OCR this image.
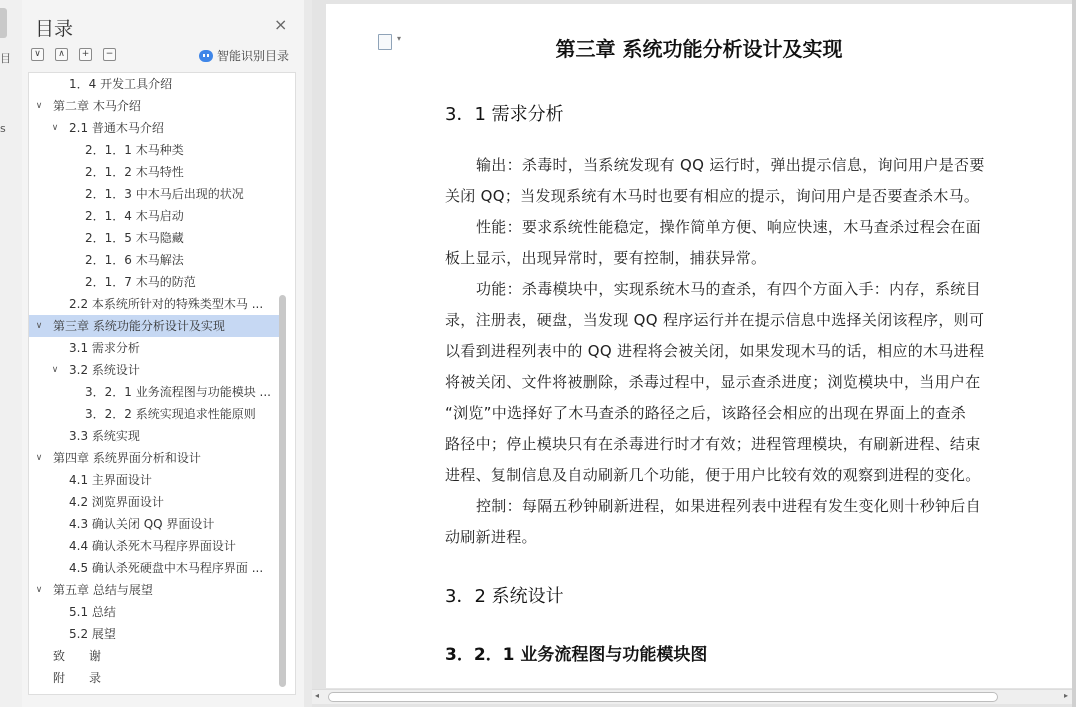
目
s
目录	×
∨	∧	+	−	智能识别目录
1．4 开发工具介绍
∨ 第二章 木马介绍
∨ 2.1 普通木马介绍
2．1．1 木马种类
2．1．2 木马特性
2．1．3 中木马后出现的状况
2．1．4 木马启动
2．1．5 木马隐藏
2．1．6 木马解法
2．1．7 木马的防范
2.2 本系统所针对的特殊类型木马 ...
∨ 第三章 系统功能分析设计及实现
3.1 需求分析
∨ 3.2 系统设计
3．2．1 业务流程图与功能模块 ...
3．2．2 系统实现追求性能原则
3.3 系统实现
∨ 第四章 系统界面分析和设计
4.1 主界面设计
4.2 浏览界面设计
4.3 确认关闭 QQ 界面设计
4.4 确认杀死木马程序界面设计
4.5 确认杀死硬盘中木马程序界面 ...
∨ 第五章 总结与展望
5.1 总结
5.2 展望
致　　谢
附　　录
▾
第三章 系统功能分析设计及实现
3．1 需求分析
输出：杀毒时，当系统发现有 QQ 运行时，弹出提示信息，询问用户是否要
关闭 QQ；当发现系统有木马时也要有相应的提示，询问用户是否要查杀木马。
性能：要求系统性能稳定，操作简单方便、响应快速，木马查杀过程会在面
板上显示，出现异常时，要有控制，捕获异常。
功能：杀毒模块中，实现系统木马的查杀，有四个方面入手：内存，系统目
录，注册表，硬盘，当发现 QQ 程序运行并在提示信息中选择关闭该程序，则可
以看到进程列表中的 QQ 进程将会被关闭，如果发现木马的话，相应的木马进程
将被关闭、文件将被删除，杀毒过程中，显示查杀进度；浏览模块中，当用户在
“浏览”中选择好了木马查杀的路径之后，该路径会相应的出现在界面上的查杀
路径中；停止模块只有在杀毒进行时才有效；进程管理模块，有刷新进程、结束
进程、复制信息及自动刷新几个功能，便于用户比较有效的观察到进程的变化。
控制：每隔五秒钟刷新进程，如果进程列表中进程有发生变化则十秒钟后自
动刷新进程。
3．2 系统设计
3．2．1 业务流程图与功能模块图
◂	▸
